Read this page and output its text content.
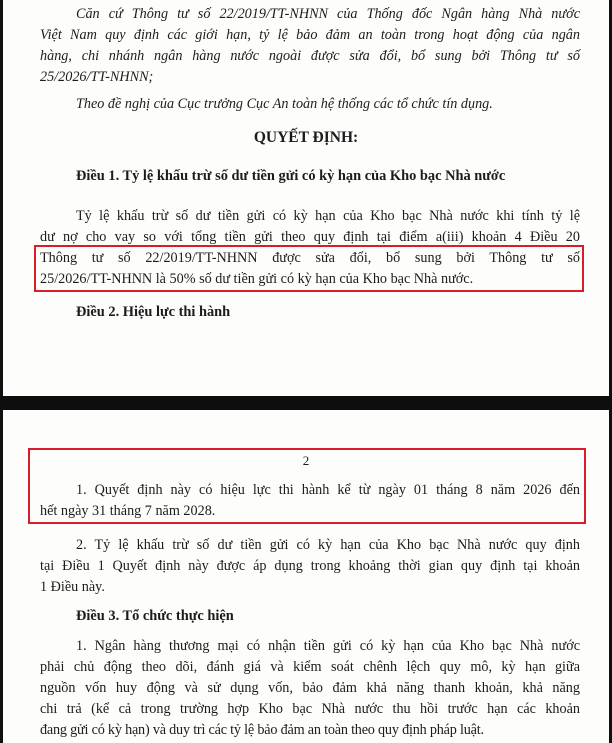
Căn cứ Thông tư số 22/2019/TT-NHNN của Thống đốc Ngân hàng Nhà nước
Việt Nam quy định các giới hạn, tỷ lệ bảo đảm an toàn trong hoạt động của ngân
hàng, chi nhánh ngân hàng nước ngoài được sửa đổi, bổ sung bởi Thông tư số
25/2026/TT-NHNN;

Theo đề nghị của Cục trưởng Cục An toàn hệ thống các tổ chức tín dụng.

QUYẾT ĐỊNH:

Điều 1. Tỷ lệ khấu trừ số dư tiền gửi có kỳ hạn của Kho bạc Nhà nước

Tỷ lệ khấu trừ số dư tiền gửi có kỳ hạn của Kho bạc Nhà nước khi tính tỷ lệ
dư nợ cho vay so với tổng tiền gửi theo quy định tại điểm a(iii) khoản 4 Điều 20
Thông tư số 22/2019/TT-NHNN được sửa đổi, bổ sung bởi Thông tư số
25/2026/TT-NHNN là 50% số dư tiền gửi có kỳ hạn của Kho bạc Nhà nước.

Điều 2. Hiệu lực thi hành

2

1. Quyết định này có hiệu lực thi hành kể từ ngày 01 tháng 8 năm 2026 đến
hết ngày 31 tháng 7 năm 2028.
2. Tỷ lệ khấu trừ số dư tiền gửi có kỳ hạn của Kho bạc Nhà nước quy định
tại Điều 1 Quyết định này được áp dụng trong khoảng thời gian quy định tại khoản
1 Điều này.

Điều 3. Tổ chức thực hiện

1. Ngân hàng thương mại có nhận tiền gửi có kỳ hạn của Kho bạc Nhà nước
phải chủ động theo dõi, đánh giá và kiểm soát chênh lệch quy mô, kỳ hạn giữa
nguồn vốn huy động và sử dụng vốn, bảo đảm khả năng thanh khoản, khả năng
chi trả (kể cả trong trường hợp Kho bạc Nhà nước thu hồi trước hạn các khoản
đang gửi có kỳ hạn) và duy trì các tỷ lệ bảo đảm an toàn theo quy định pháp luật.
